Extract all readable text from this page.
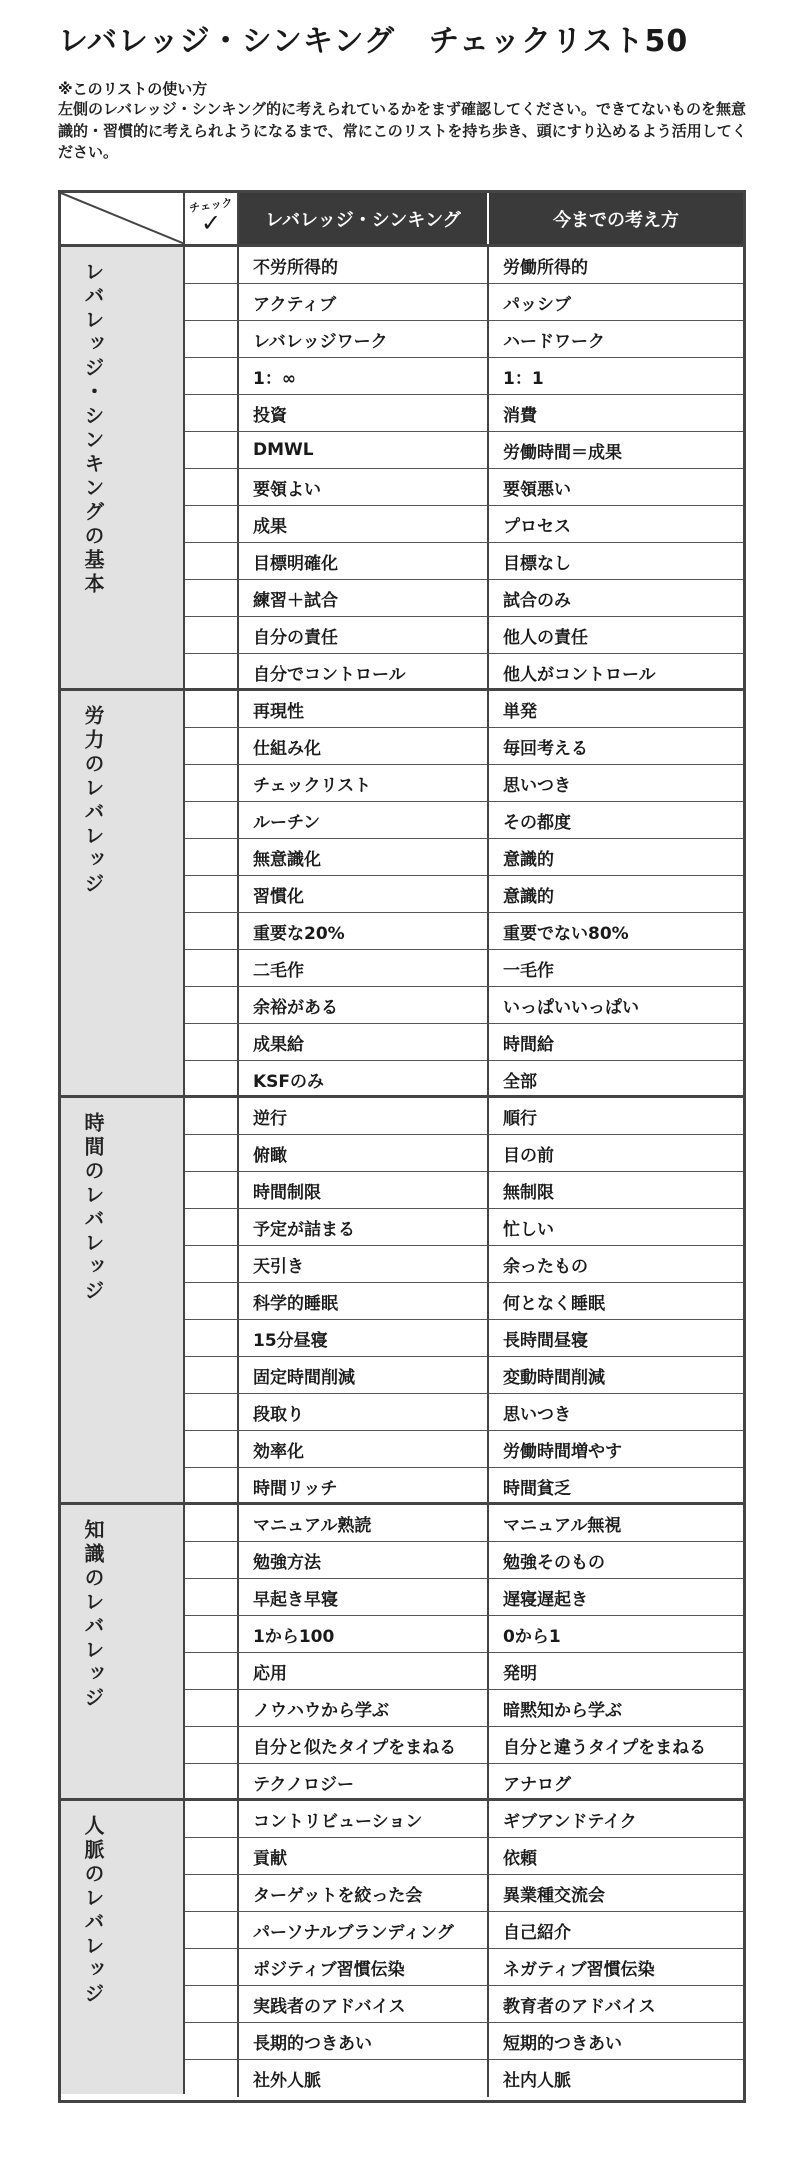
レバレッジ・シンキング チェックリスト50
※このリストの使い方
左側のレバレッジ・シンキング的に考えられているかをまず確認してください。できてないものを無意識的・習慣的に考えられようになるまで、常にこのリストを持ち歩き、頭にすり込めるよう活用してください。
チェック
✓	レバレッジ・シンキング	今までの考え方
レバレッジ・シンキングの基本	不労所得的	労働所得的
アクティブ	パッシブ
レバレッジワーク	ハードワーク
1：∞	1：1
投資	消費
DMWL	労働時間＝成果
要領よい	要領悪い
成果	プロセス
目標明確化	目標なし
練習＋試合	試合のみ
自分の責任	他人の責任
自分でコントロール	他人がコントロール
労力のレバレッジ	再現性	単発
仕組み化	毎回考える
チェックリスト	思いつき
ルーチン	その都度
無意識化	意識的
習慣化	意識的
重要な20%	重要でない80%
二毛作	一毛作
余裕がある	いっぱいいっぱい
成果給	時間給
KSFのみ	全部
時間のレバレッジ	逆行	順行
俯瞰	目の前
時間制限	無制限
予定が詰まる	忙しい
天引き	余ったもの
科学的睡眠	何となく睡眠
15分昼寝	長時間昼寝
固定時間削減	変動時間削減
段取り	思いつき
効率化	労働時間増やす
時間リッチ	時間貧乏
知識のレバレッジ	マニュアル熟読	マニュアル無視
勉強方法	勉強そのもの
早起き早寝	遅寝遅起き
1から100	0から1
応用	発明
ノウハウから学ぶ	暗黙知から学ぶ
自分と似たタイプをまねる	自分と違うタイプをまねる
テクノロジー	アナログ
人脈のレバレッジ	コントリビューション	ギブアンドテイク
貢献	依頼
ターゲットを絞った会	異業種交流会
パーソナルブランディング	自己紹介
ポジティブ習慣伝染	ネガティブ習慣伝染
実践者のアドバイス	教育者のアドバイス
長期的つきあい	短期的つきあい
社外人脈	社内人脈
